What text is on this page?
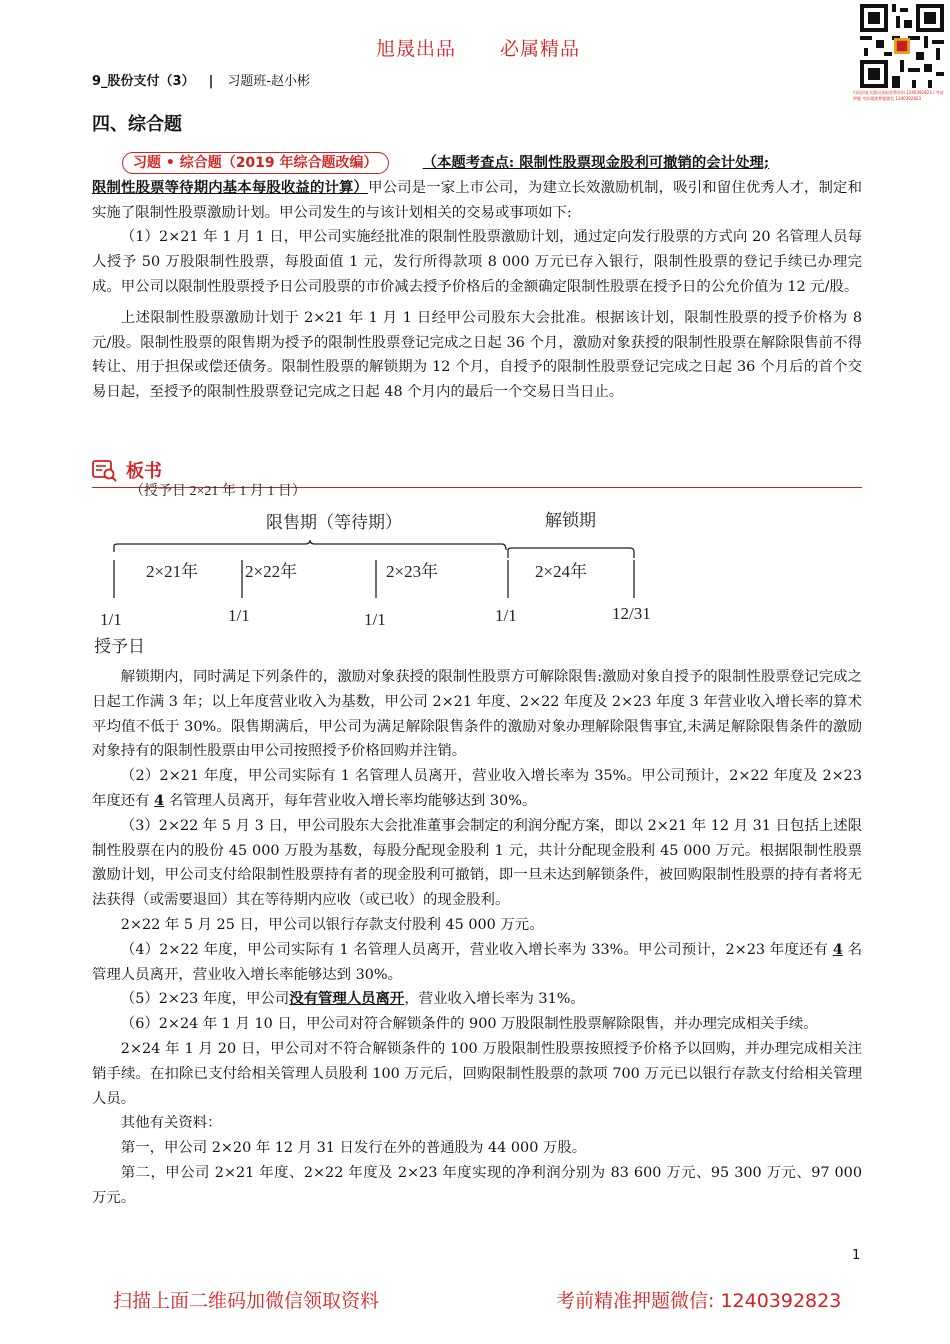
旭晟出品 必属精品
扫码回复关键词获取免费资料 1240392823 / 考前押题 考前精准押题微信 1240392823
9_股份支付（3） | 习题班-赵小彬
四、综合题

习题 • 综合题（2019 年综合题改编）	（本题考查点: 限制性股票现金股利可撤销的会计处理;
限制性股票等待期内基本每股收益的计算）甲公司是一家上市公司，为建立长效激励机制，吸引和留住优秀人才，制定和实施了限制性股票激励计划。甲公司发生的与该计划相关的交易或事项如下:

（1）2×21 年 1 月 1 日，甲公司实施经批准的限制性股票激励计划，通过定向发行股票的方式向 20 名管理人员每人授予 50 万股限制性股票，每股面值 1 元，发行所得款项 8 000 万元已存入银行，限制性股票的登记手续已办理完成。甲公司以限制性股票授予日公司股票的市价减去授予价格后的金额确定限制性股票在授予日的公允价值为 12 元/股。

上述限制性股票激励计划于 2×21 年 1 月 1 日经甲公司股东大会批准。根据该计划，限制性股票的授予价格为 8 元/股。限制性股票的限售期为授予的限制性股票登记完成之日起 36 个月，激励对象获授的限制性股票在解除限售前不得转让、用于担保或偿还债务。限制性股票的解锁期为 12 个月，自授予的限制性股票登记完成之日起 36 个月后的首个交易日起，至授予的限制性股票登记完成之日起 48 个月内的最后一个交易日当日止。

板书
（授予日 2×21 年 1 月 1 日）
限售期（等待期）	解锁期
2×21年	2×22年	2×23年	2×24年
1/1	1/1	1/1	1/1	12/31
授予日

解锁期内，同时满足下列条件的，激励对象获授的限制性股票方可解除限售:激励对象自授予的限制性股票登记完成之日起工作满 3 年；以上年度营业收入为基数，甲公司 2×21 年度、2×22 年度及 2×23 年度 3 年营业收入增长率的算术平均值不低于 30%。限售期满后，甲公司为满足解除限售条件的激励对象办理解除限售事宜,未满足解除限售条件的激励对象持有的限制性股票由甲公司按照授予价格回购并注销。

（2）2×21 年度，甲公司实际有 1 名管理人员离开，营业收入增长率为 35%。甲公司预计，2×22 年度及 2×23 年度还有 4 名管理人员离开，每年营业收入增长率均能够达到 30%。

（3）2×22 年 5 月 3 日，甲公司股东大会批准董事会制定的利润分配方案，即以 2×21 年 12 月 31 日包括上述限制性股票在内的股份 45 000 万股为基数，每股分配现金股利 1 元，共计分配现金股利 45 000 万元。根据限制性股票激励计划，甲公司支付给限制性股票持有者的现金股利可撤销，即一旦未达到解锁条件，被回购限制性股票的持有者将无法获得（或需要退回）其在等待期内应收（或已收）的现金股利。

2×22 年 5 月 25 日，甲公司以银行存款支付股利 45 000 万元。

（4）2×22 年度，甲公司实际有 1 名管理人员离开，营业收入增长率为 33%。甲公司预计，2×23 年度还有 4 名管理人员离开，营业收入增长率能够达到 30%。

（5）2×23 年度，甲公司没有管理人员离开，营业收入增长率为 31%。

（6）2×24 年 1 月 10 日，甲公司对符合解锁条件的 900 万股限制性股票解除限售，并办理完成相关手续。

2×24 年 1 月 20 日，甲公司对不符合解锁条件的 100 万股限制性股票按照授予价格予以回购，并办理完成相关注销手续。在扣除已支付给相关管理人员股利 100 万元后，回购限制性股票的款项 700 万元已以银行存款支付给相关管理人员。

其他有关资料：

第一，甲公司 2×20 年 12 月 31 日发行在外的普通股为 44 000 万股。

第二，甲公司 2×21 年度、2×22 年度及 2×23 年度实现的净利润分别为 83 600 万元、95 300 万元、97 000 万元。

1
扫描上面二维码加微信领取资料	考前精准押题微信: 1240392823
